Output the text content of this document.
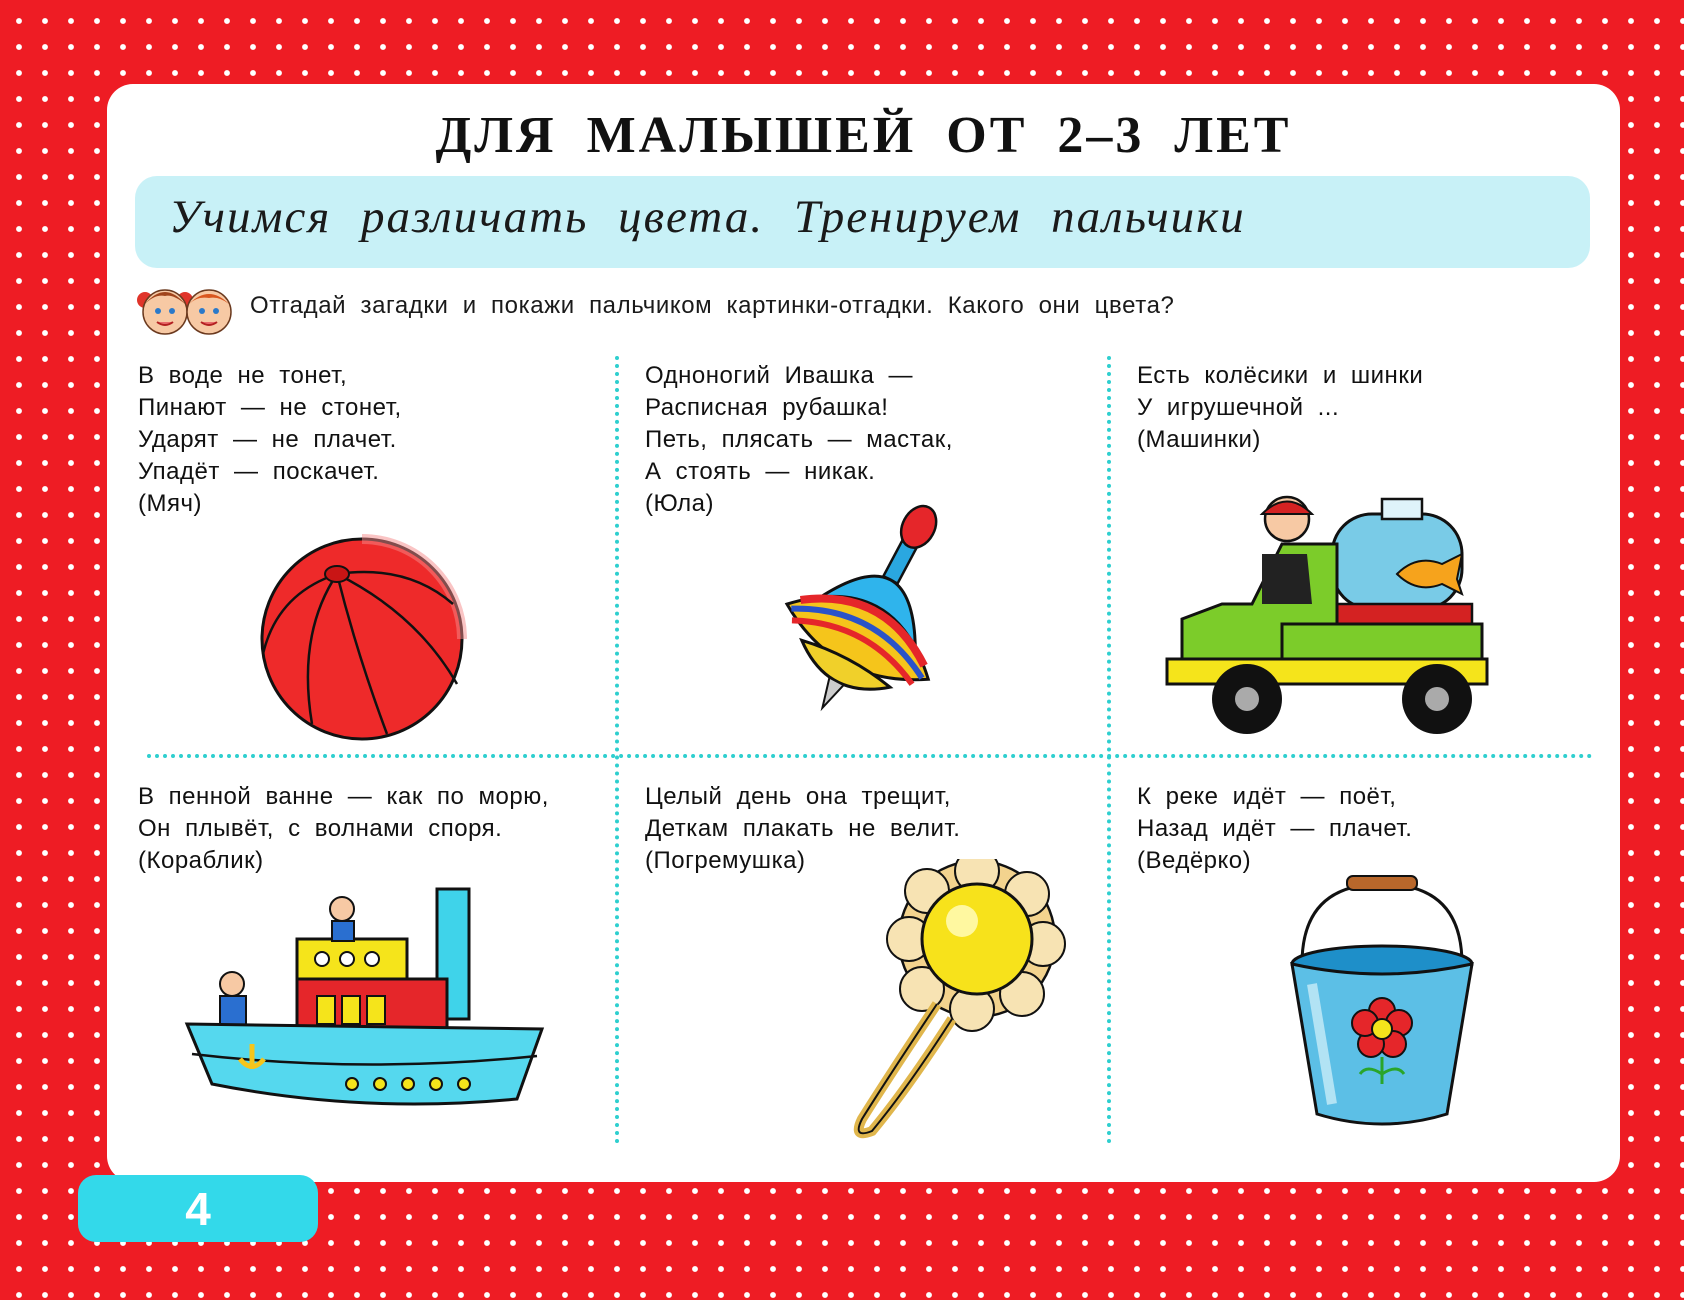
ДЛЯ МАЛЫШЕЙ ОТ 2–3 ЛЕТ
Учимся различать цвета. Тренируем пальчики
Отгадай загадки и покажи пальчиком картинки-отгадки. Какого они цвета?
В воде не тонет,
Пинают — не стонет,
Ударят — не плачет.
Упадёт — поскачет.
(Мяч)
Одноногий Ивашка —
Расписная рубашка!
Петь, плясать — мастак,
А стоять — никак.
(Юла)
Есть колёсики и шинки
У игрушечной ...
(Машинки)
В пенной ванне — как по морю,
Он плывёт, с волнами споря.
(Кораблик)
Целый день она трещит,
Деткам плакать не велит.
(Погремушка)
К реке идёт — поёт,
Назад идёт — плачет.
(Ведёрко)
4
